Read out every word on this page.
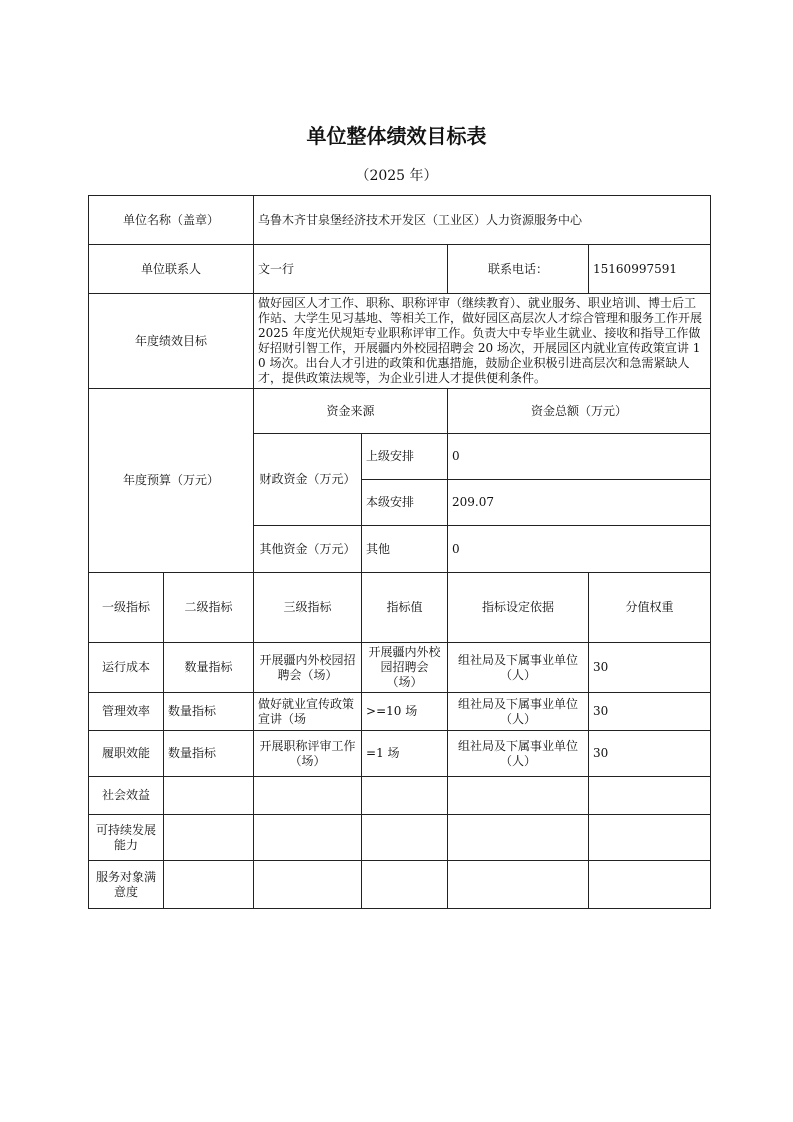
单位整体绩效目标表
（2025 年）
单位名称（盖章）		乌鲁木齐甘泉堡经济技术开发区（工业区）人力资源服务中心			
单位联系人		文一行		联系电话：	15160997591
年度绩效目标		做好园区人才工作、职称、职称评审（继续教育）、就业服务、职业培训、博士后工作站、大学生见习基地、等相关工作，做好园区高层次人才综合管理和服务工作开展2025 年度光伏规矩专业职称评审工作。负责大中专毕业生就业、接收和指导工作做好招财引智工作，开展疆内外校园招聘会 20 场次，开展园区内就业宣传政策宣讲 10 场次。出台人才引进的政策和优惠措施，鼓励企业积极引进高层次和急需紧缺人才，提供政策法规等，为企业引进人才提供便利条件。			
年度预算（万元）		资金来源		资金总额（万元）	
		财政资金（万元）	上级安排	0	
			本级安排	209.07	
		其他资金（万元）	其他	0	
一级指标	二级指标	三级指标	指标值	指标设定依据	分值权重
运行成本	数量指标	开展疆内外校园招聘会（场）	开展疆内外校园招聘会（场）	组社局及下属事业单位（人）	30
管理效率	数量指标	做好就业宣传政策宣讲（场	>=10 场	组社局及下属事业单位（人）	30
履职效能	数量指标	开展职称评审工作（场）	=1 场	组社局及下属事业单位（人）	30
社会效益					
可持续发展能力					
服务对象满意度					
